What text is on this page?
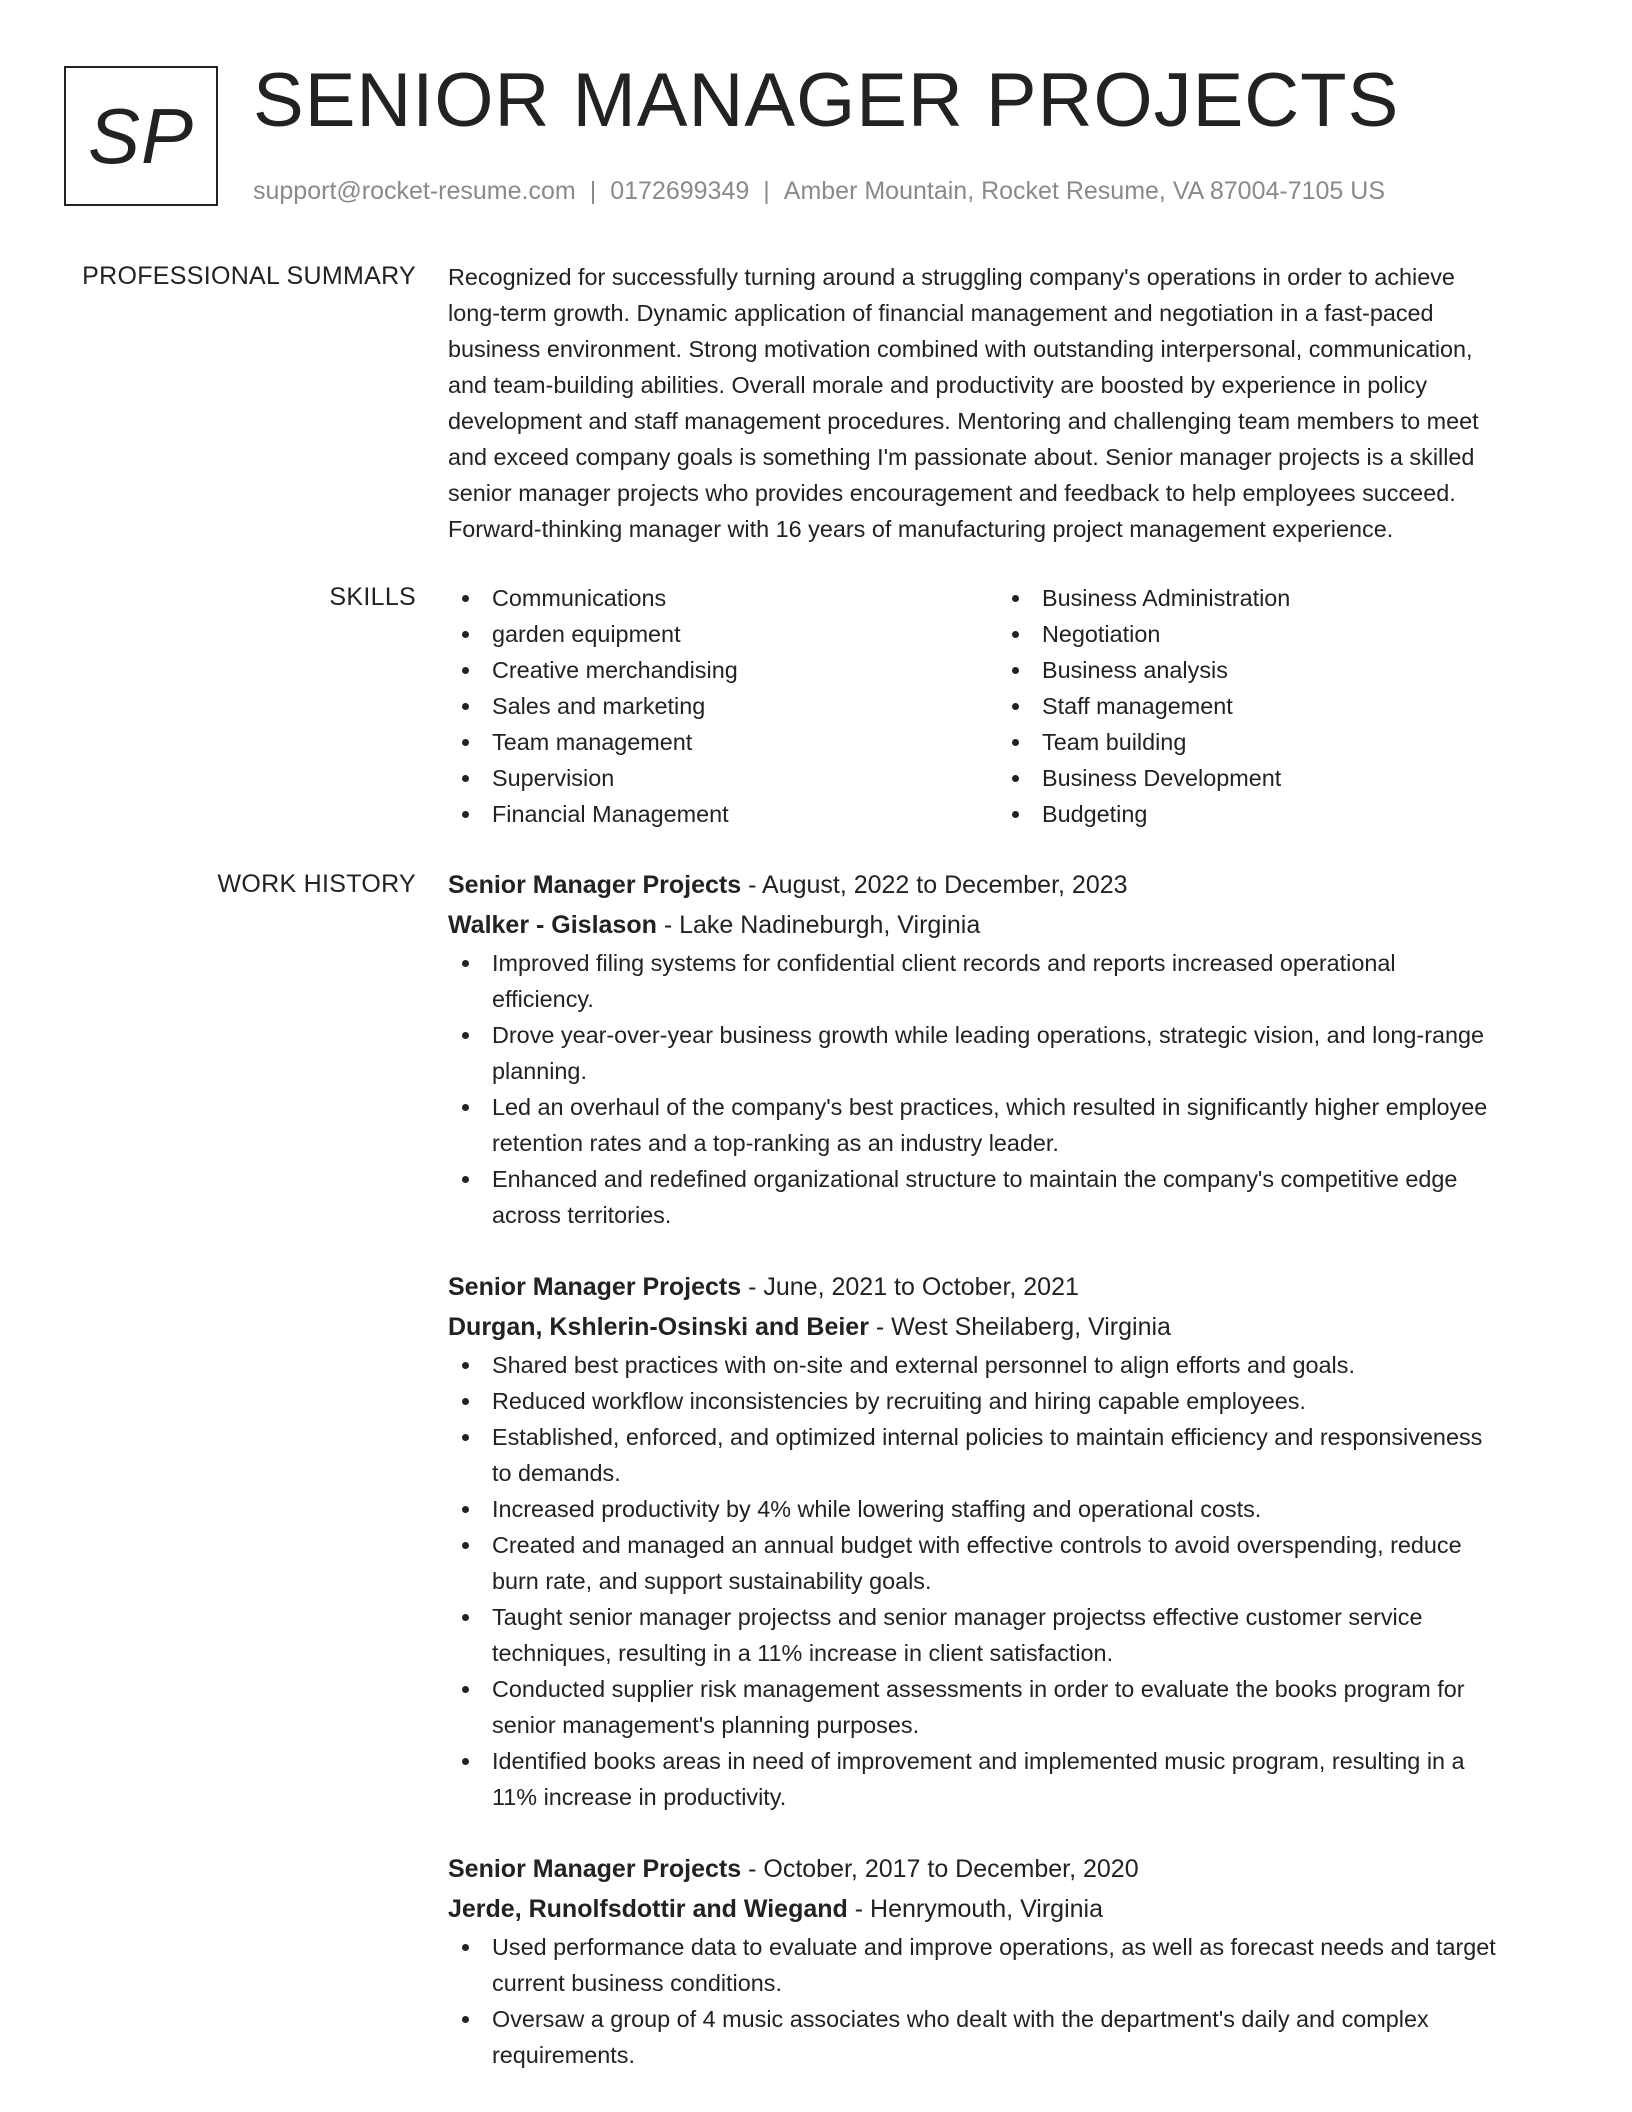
SP SENIOR MANAGER PROJECTS
support@rocket-resume.com | 0172699349 | Amber Mountain, Rocket Resume, VA 87004-7105 US
PROFESSIONAL SUMMARY Recognized for successfully turning around a struggling company's operations in order to achieve
long-term growth. Dynamic application of financial management and negotiation in a fast-paced
business environment. Strong motivation combined with outstanding interpersonal, communication,
and team-building abilities. Overall morale and productivity are boosted by experience in policy
development and staff management procedures. Mentoring and challenging team members to meet
and exceed company goals is something I'm passionate about. Senior manager projects is a skilled
senior manager projects who provides encouragement and feedback to help employees succeed.
Forward-thinking manager with 16 years of manufacturing project management experience.

SKILLS	Communications
garden equipment
Creative merchandising
Sales and marketing
Team management
Supervision
Financial Management
Business Administration
Negotiation
Business analysis
Staff management
Team building
Business Development
Budgeting
WORK HISTORY Senior Manager Projects - August, 2022 to December, 2023
Walker - Gislason - Lake Nadineburgh, Virginia
Improved filing systems for confidential client records and reports increased operational
efficiency.
Drove year-over-year business growth while leading operations, strategic vision, and long-range
planning.
Led an overhaul of the company's best practices, which resulted in significantly higher employee
retention rates and a top-ranking as an industry leader.
Enhanced and redefined organizational structure to maintain the company's competitive edge
across territories.
Senior Manager Projects - June, 2021 to October, 2021
Durgan, Kshlerin-Osinski and Beier - West Sheilaberg, Virginia
Shared best practices with on-site and external personnel to align efforts and goals.
Reduced workflow inconsistencies by recruiting and hiring capable employees.
Established, enforced, and optimized internal policies to maintain efficiency and responsiveness
to demands.
Increased productivity by 4% while lowering staffing and operational costs.
Created and managed an annual budget with effective controls to avoid overspending, reduce
burn rate, and support sustainability goals.
Taught senior manager projectss and senior manager projectss effective customer service
techniques, resulting in a 11% increase in client satisfaction.
Conducted supplier risk management assessments in order to evaluate the books program for
senior management's planning purposes.
Identified books areas in need of improvement and implemented music program, resulting in a
11% increase in productivity.
Senior Manager Projects - October, 2017 to December, 2020
Jerde, Runolfsdottir and Wiegand - Henrymouth, Virginia
Used performance data to evaluate and improve operations, as well as forecast needs and target
current business conditions.
Oversaw a group of 4 music associates who dealt with the department's daily and complex
requirements.
